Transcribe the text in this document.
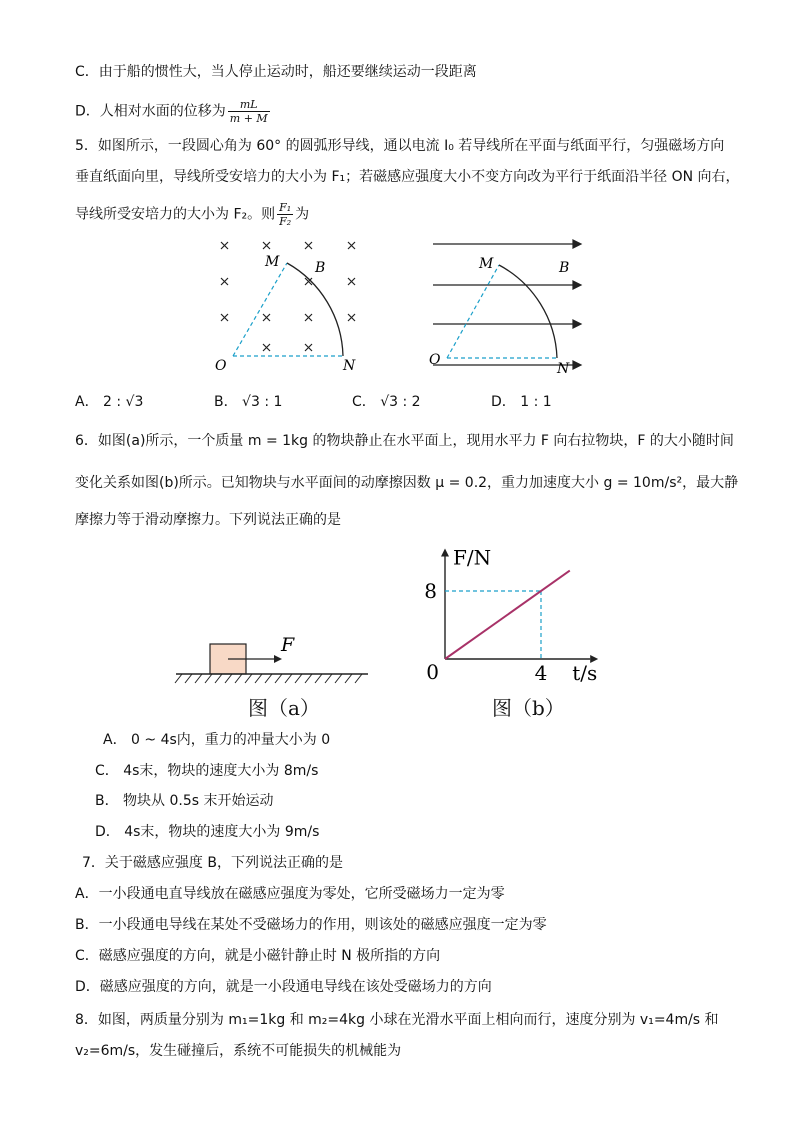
C．由于船的惯性大，当人停止运动时，船还要继续运动一段距离
D．人相对水面的位移为 $\frac{mL}{m + M}$
5．如图所示，一段圆心角为 60° 的圆弧形导线，通以电流 I₀ 若导线所在平面与纸面平行，匀强磁场方向
垂直纸面向里，导线所受安培力的大小为 F₁；若磁感应强度大小不变方向改为平行于纸面沿半径 ON 向右，
导线所受安培力的大小为 F₂。则 $\frac{\text{F₁}}{\text{F₂}}$ 为
M	B
O	N
M	B
O
N
A． 2 : √3	B． √3 : 1	C． √3 : 2	D． 1 : 1
6．如图(a)所示，一个质量 m = 1kg 的物块静止在水平面上，现用水平力 F 向右拉物块，F 的大小随时间
变化关系如图(b)所示。已知物块与水平面间的动摩擦因数 μ = 0.2，重力加速度大小 g = 10m/s²，最大静
摩擦力等于滑动摩擦力。下列说法正确的是
F
图（a）
F/N
t/s
8
0	4
图（b）
A． 0 ~ 4s内，重力的冲量大小为 0
C． 4s末，物块的速度大小为 8m/s
B． 物块从 0.5s 末开始运动
D． 4s末，物块的速度大小为 9m/s
7．关于磁感应强度 B，下列说法正确的是
A．一小段通电直导线放在磁感应强度为零处，它所受磁场力一定为零
B．一小段通电导线在某处不受磁场力的作用，则该处的磁感应强度一定为零
C．磁感应强度的方向，就是小磁针静止时 N 极所指的方向
D．磁感应强度的方向，就是一小段通电导线在该处受磁场力的方向
8．如图，两质量分别为 m₁=1kg 和 m₂=4kg 小球在光滑水平面上相向而行，速度分别为 v₁=4m/s 和
v₂=6m/s，发生碰撞后，系统不可能损失的机械能为
